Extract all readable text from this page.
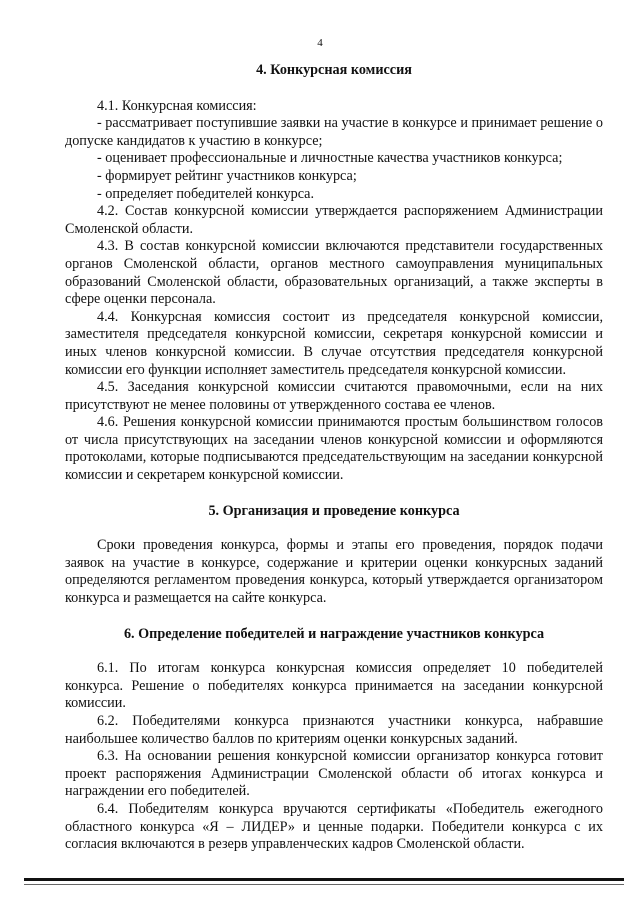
4
4. Конкурсная комиссия

4.1. Конкурсная комиссия:

- рассматривает поступившие заявки на участие в конкурсе и принимает решение о допуске кандидатов к участию в конкурсе;

- оценивает профессиональные и личностные качества участников конкурса;

- формирует рейтинг участников конкурса;

- определяет победителей конкурса.

4.2. Состав конкурсной комиссии утверждается распоряжением Администрации Смоленской области.

4.3. В состав конкурсной комиссии включаются представители государственных органов Смоленской области, органов местного самоуправления муниципальных образований Смоленской области, образовательных организаций, а также эксперты в сфере оценки персонала.

4.4. Конкурсная комиссия состоит из председателя конкурсной комиссии, заместителя председателя конкурсной комиссии, секретаря конкурсной комиссии и иных членов конкурсной комиссии. В случае отсутствия председателя конкурсной комиссии его функции исполняет заместитель председателя конкурсной комиссии.

4.5. Заседания конкурсной комиссии считаются правомочными, если на них присутствуют не менее половины от утвержденного состава ее членов.

4.6. Решения конкурсной комиссии принимаются простым большинством голосов от числа присутствующих на заседании членов конкурсной комиссии и оформляются протоколами, которые подписываются председательствующим на заседании конкурсной комиссии и секретарем конкурсной комиссии.

5. Организация и проведение конкурса

Сроки проведения конкурса, формы и этапы его проведения, порядок подачи заявок на участие в конкурсе, содержание и критерии оценки конкурсных заданий определяются регламентом проведения конкурса, который утверждается организатором конкурса и размещается на сайте конкурса.

6. Определение победителей и награждение участников конкурса

6.1. По итогам конкурса конкурсная комиссия определяет 10 победителей конкурса. Решение о победителях конкурса принимается на заседании конкурсной комиссии.

6.2. Победителями конкурса признаются участники конкурса, набравшие наибольшее количество баллов по критериям оценки конкурсных заданий.

6.3. На основании решения конкурсной комиссии организатор конкурса готовит проект распоряжения Администрации Смоленской области об итогах конкурса и награждении его победителей.

6.4. Победителям конкурса вручаются сертификаты «Победитель ежегодного областного конкурса «Я – ЛИДЕР» и ценные подарки. Победители конкурса с их согласия включаются в резерв управленческих кадров Смоленской области.
